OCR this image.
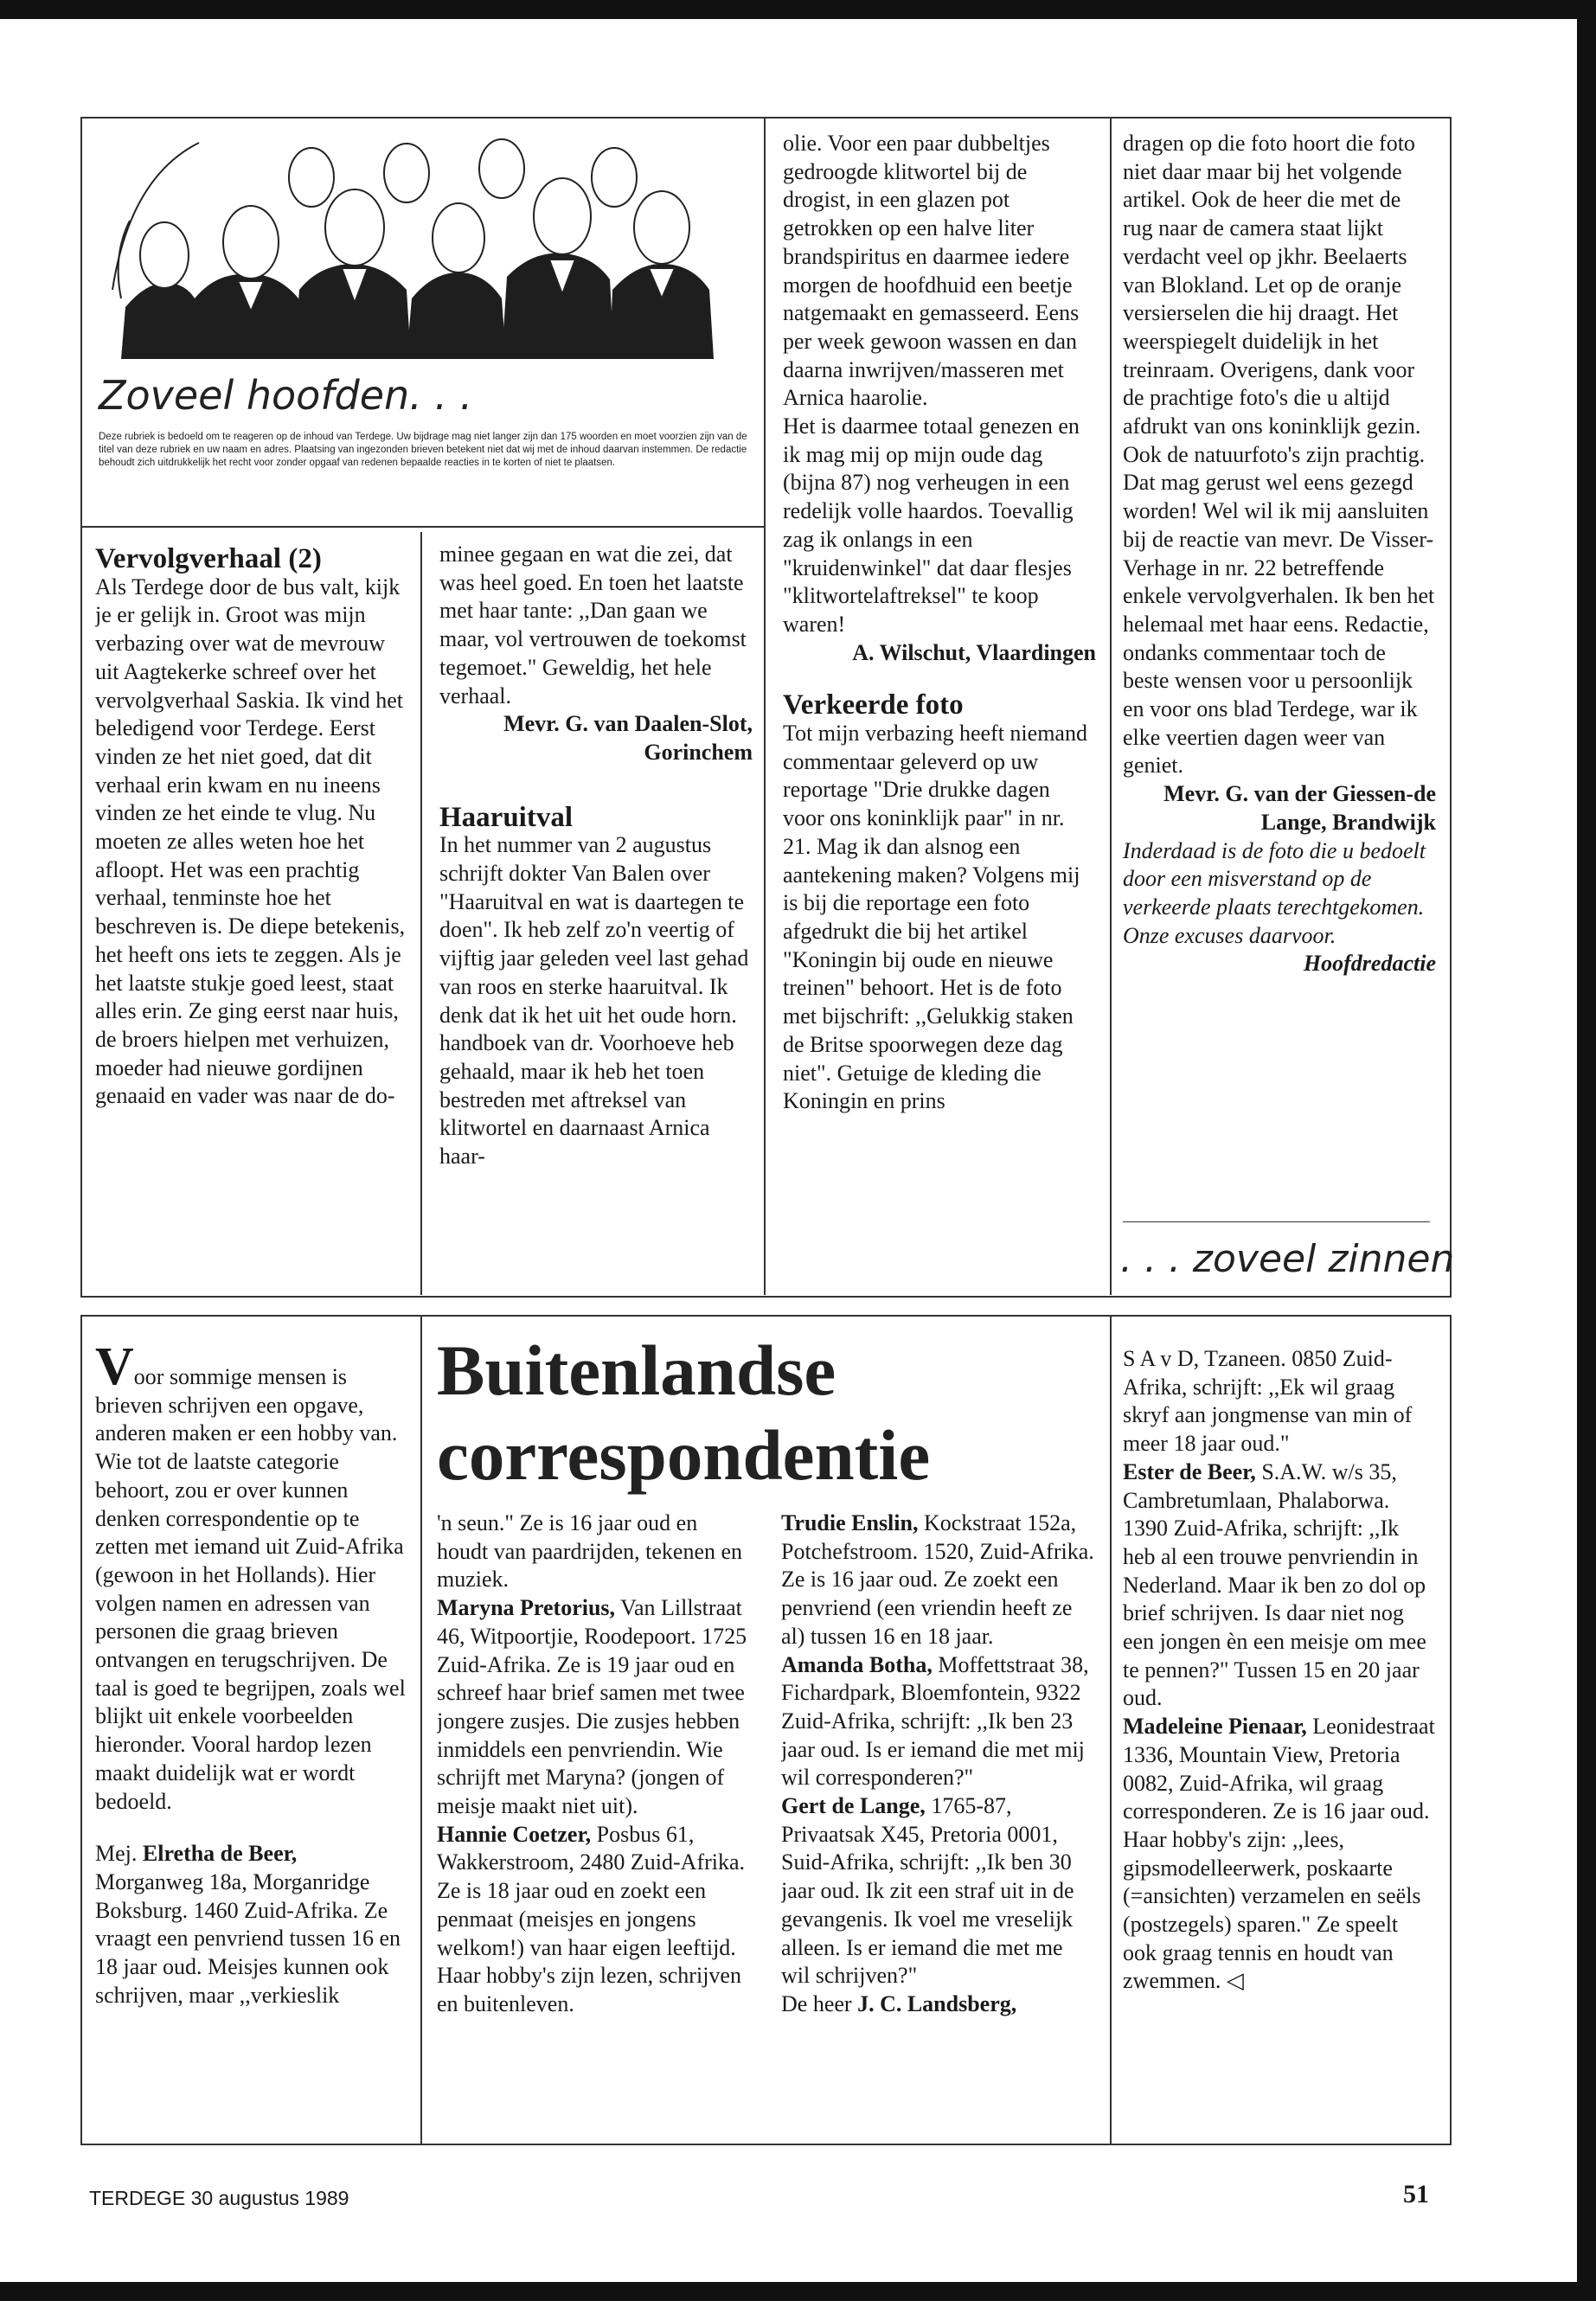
Zoveel hoofden. . .
Deze rubriek is bedoeld om te reageren op de inhoud van Terdege. Uw bijdrage mag niet langer zijn dan 175 woorden en moet voorzien zijn van de titel van deze rubriek en uw naam en adres. Plaatsing van ingezonden brieven betekent niet dat wij met de inhoud daarvan instemmen. De redactie behoudt zich uitdrukkelijk het recht voor zonder opgaaf van redenen bepaalde reacties in te korten of niet te plaatsen.

Vervolgverhaal (2)

Als Terdege door de bus valt, kijk je er gelijk in. Groot was mijn verbazing over wat de mevrouw uit Aagtekerke schreef over het vervolgverhaal Saskia. Ik vind het beledigend voor Terdege. Eerst vinden ze het niet goed, dat dit verhaal erin kwam en nu ineens vinden ze het einde te vlug. Nu moeten ze alles weten hoe het afloopt. Het was een prachtig verhaal, tenminste hoe het beschreven is. De diepe betekenis, het heeft ons iets te zeggen. Als je het laatste stukje goed leest, staat alles erin. Ze ging eerst naar huis, de broers hielpen met verhuizen, moeder had nieuwe gordijnen genaaid en vader was naar de do-

minee gegaan en wat die zei, dat was heel goed. En toen het laatste met haar tante: ,,Dan gaan we maar, vol vertrouwen de toekomst tegemoet." Geweldig, het hele verhaal.

Mevr. G. van Daalen-Slot, Gorinchem

Haaruitval

In het nummer van 2 augustus schrijft dokter Van Balen over "Haaruitval en wat is daartegen te doen". Ik heb zelf zo'n veertig of vijftig jaar geleden veel last gehad van roos en sterke haaruitval. Ik denk dat ik het uit het oude horn. handboek van dr. Voorhoeve heb gehaald, maar ik heb het toen bestreden met aftreksel van klitwortel en daarnaast Arnica haar-

olie. Voor een paar dubbeltjes gedroogde klitwortel bij de drogist, in een glazen pot getrokken op een halve liter brandspiritus en daarmee iedere morgen de hoofdhuid een beetje natgemaakt en gemasseerd. Eens per week gewoon wassen en dan daarna inwrijven/masseren met Arnica haarolie.

Het is daarmee totaal genezen en ik mag mij op mijn oude dag (bijna 87) nog verheugen in een redelijk volle haardos. Toevallig zag ik onlangs in een "kruidenwinkel" dat daar flesjes "klitwortelaftreksel" te koop waren!

A. Wilschut, Vlaardingen

Verkeerde foto

Tot mijn verbazing heeft niemand commentaar geleverd op uw reportage "Drie drukke dagen voor ons koninklijk paar" in nr. 21. Mag ik dan alsnog een aantekening maken? Volgens mij is bij die reportage een foto afgedrukt die bij het artikel "Koningin bij oude en nieuwe treinen" behoort. Het is de foto met bijschrift: ,,Gelukkig staken de Britse spoorwegen deze dag niet". Getuige de kleding die Koningin en prins

dragen op die foto hoort die foto niet daar maar bij het volgende artikel. Ook de heer die met de rug naar de camera staat lijkt verdacht veel op jkhr. Beelaerts van Blokland. Let op de oranje versierselen die hij draagt. Het weerspiegelt duidelijk in het treinraam. Overigens, dank voor de prachtige foto's die u altijd afdrukt van ons koninklijk gezin. Ook de natuurfoto's zijn prachtig. Dat mag gerust wel eens gezegd worden! Wel wil ik mij aansluiten bij de reactie van mevr. De Visser-Verhage in nr. 22 betreffende enkele vervolgverhalen. Ik ben het helemaal met haar eens. Redactie, ondanks commentaar toch de beste wensen voor u persoonlijk en voor ons blad Terdege, war ik elke veertien dagen weer van geniet.

Mevr. G. van der Giessen-de Lange, Brandwijk

Inderdaad is de foto die u bedoelt door een misverstand op de verkeerde plaats terechtgekomen. Onze excuses daarvoor.

Hoofdredactie

. . . zoveel zinnen
Buitenlandse correspondentie

Voor sommige mensen is brieven schrijven een opgave, anderen maken er een hobby van. Wie tot de laatste categorie behoort, zou er over kunnen denken correspondentie op te zetten met iemand uit Zuid-Afrika (gewoon in het Hollands). Hier volgen namen en adressen van personen die graag brieven ontvangen en terugschrijven. De taal is goed te begrijpen, zoals wel blijkt uit enkele voorbeelden hieronder. Vooral hardop lezen maakt duidelijk wat er wordt bedoeld.

Mej. Elretha de Beer, Morganweg 18a, Morganridge Boksburg. 1460 Zuid-Afrika. Ze vraagt een penvriend tussen 16 en 18 jaar oud. Meisjes kunnen ook schrijven, maar ,,verkieslik

'n seun." Ze is 16 jaar oud en houdt van paardrijden, tekenen en muziek.

Maryna Pretorius, Van Lillstraat 46, Witpoortjie, Roodepoort. 1725 Zuid-Afrika. Ze is 19 jaar oud en schreef haar brief samen met twee jongere zusjes. Die zusjes hebben inmiddels een penvriendin. Wie schrijft met Maryna? (jongen of meisje maakt niet uit).

Hannie Coetzer, Posbus 61, Wakkerstroom, 2480 Zuid-Afrika. Ze is 18 jaar oud en zoekt een penmaat (meisjes en jongens welkom!) van haar eigen leeftijd. Haar hobby's zijn lezen, schrijven en buitenleven.

Trudie Enslin, Kockstraat 152a, Potchefstroom. 1520, Zuid-Afrika. Ze is 16 jaar oud. Ze zoekt een penvriend (een vriendin heeft ze al) tussen 16 en 18 jaar.

Amanda Botha, Moffettstraat 38, Fichardpark, Bloemfontein, 9322 Zuid-Afrika, schrijft: ,,Ik ben 23 jaar oud. Is er iemand die met mij wil corresponderen?"

Gert de Lange, 1765-87, Privaatsak X45, Pretoria 0001, Suid-Afrika, schrijft: ,,Ik ben 30 jaar oud. Ik zit een straf uit in de gevangenis. Ik voel me vreselijk alleen. Is er iemand die met me wil schrijven?"

De heer J. C. Landsberg,

S A v D, Tzaneen. 0850 Zuid-Afrika, schrijft: ,,Ek wil graag skryf aan jongmense van min of meer 18 jaar oud."

Ester de Beer, S.A.W. w/s 35, Cambretumlaan, Phalaborwa. 1390 Zuid-Afrika, schrijft: ,,Ik heb al een trouwe penvriendin in Nederland. Maar ik ben zo dol op brief schrijven. Is daar niet nog een jongen èn een meisje om mee te pennen?" Tussen 15 en 20 jaar oud.

Madeleine Pienaar, Leonidestraat 1336, Mountain View, Pretoria 0082, Zuid-Afrika, wil graag corresponderen. Ze is 16 jaar oud. Haar hobby's zijn: ,,lees, gipsmodelleerwerk, poskaarte (=ansichten) verzamelen en seëls (postzegels) sparen." Ze speelt ook graag tennis en houdt van zwemmen. ◁

TERDEGE 30 augustus 1989	51
